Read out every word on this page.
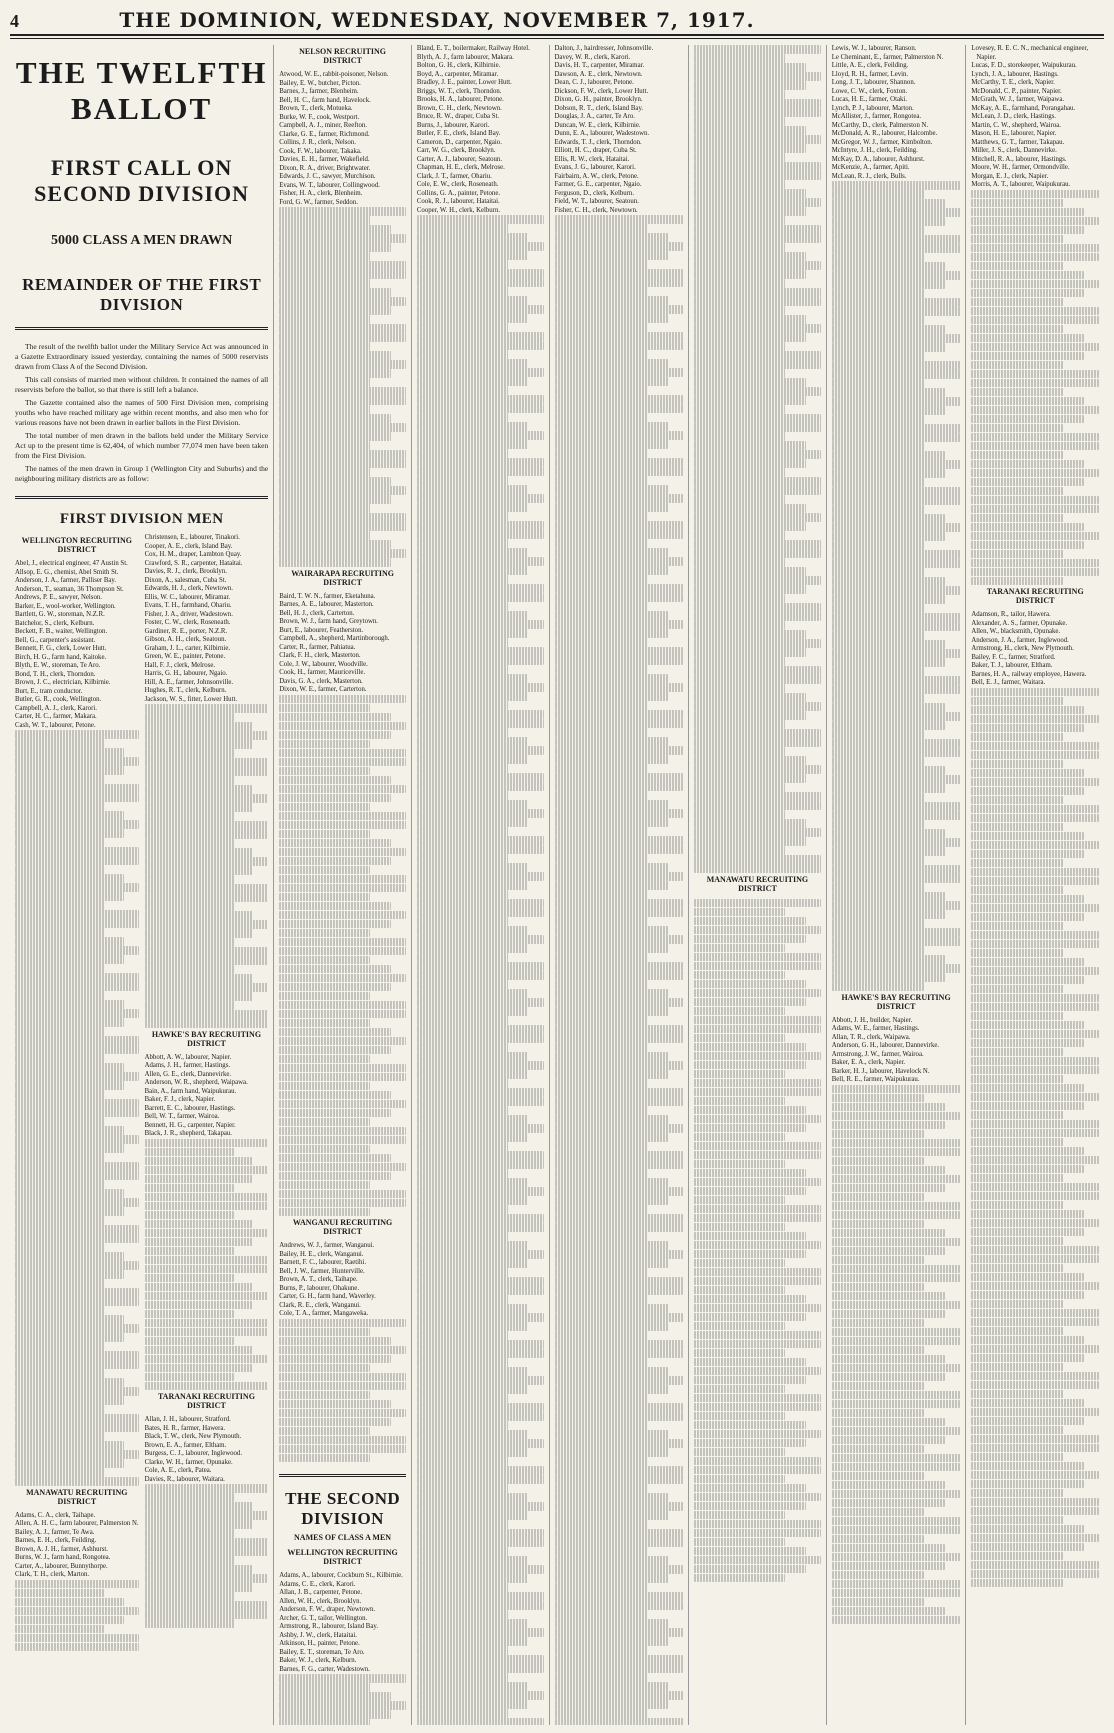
4	THE DOMINION, WEDNESDAY, NOVEMBER 7, 1917.
THE TWELFTH BALLOT
FIRST CALL ON SECOND DIVISION
5000 CLASS A MEN DRAWN
REMAINDER OF THE FIRST DIVISION

The result of the twelfth ballot under the Military Service Act was announced in a Gazette Extraordinary issued yesterday, containing the names of 5000 reservists drawn from Class A of the Second Division.

This call consists of married men without children. It contained the names of all reservists before the ballot, so that there is still left a balance.

The Gazette contained also the names of 500 First Division men, comprising youths who have reached military age within recent months, and also men who for various reasons have not been drawn in earlier ballots in the First Division.

The total number of men drawn in the ballots held under the Military Service Act up to the present time is 62,404, of which number 77,074 men have been taken from the First Division.

The names of the men drawn in Group 1 (Wellington City and Suburbs) and the neighbouring military districts are as follow:

FIRST DIVISION MEN
WELLINGTON RECRUITING DISTRICT

Abel, J., electrical engineer, 47 Austin St.

Allsop, E. G., chemist, Abel Smith St.

Anderson, J. A., farmer, Palliser Bay.

Anderson, T., seaman, 36 Thompson St.

Andrews, P. E., sawyer, Nelson.

Barker, E., wool-worker, Wellington.

Bartlett, G. W., storeman, N.Z.R.

Batchelor, S., clerk, Kelburn.

Beckett, F. B., waiter, Wellington.

Bell, G., carpenter's assistant.

Bennett, F. G., clerk, Lower Hutt.

Birch, H. G., farm hand, Kaitoke.

Blyth, E. W., storeman, Te Aro.

Bond, T. H., clerk, Thorndon.

Brown, J. C., electrician, Kilbirnie.

Burt, E., tram conductor.

Butler, G. R., cook, Wellington.

Campbell, A. J., clerk, Karori.

Carter, H. C., farmer, Makara.

Cash, W. T., labourer, Petone.

MANAWATU RECRUITING DISTRICT

Adams, C. A., clerk, Taihape.

Allen, A. H. C., farm labourer, Palmerston N.

Bailey, A. J., farmer, Te Awa.

Barnes, E. H., clerk, Feilding.

Brown, A. J. H., farmer, Ashhurst.

Burns, W. J., farm hand, Rongotea.

Carter, A., labourer, Bunnythorpe.

Clark, T. H., clerk, Marton.

Christensen, E., labourer, Tinakori.

Cooper, A. E., clerk, Island Bay.

Cox, H. M., draper, Lambton Quay.

Crawford, S. R., carpenter, Hataitai.

Davies, R. J., clerk, Brooklyn.

Dixon, A., salesman, Cuba St.

Edwards, H. J., clerk, Newtown.

Ellis, W. C., labourer, Miramar.

Evans, T. H., farmhand, Ohariu.

Fisher, J. A., driver, Wadestown.

Foster, C. W., clerk, Roseneath.

Gardiner, R. E., porter, N.Z.R.

Gibson, A. H., clerk, Seatoun.

Graham, J. L., carter, Kilbirnie.

Green, W. E., painter, Petone.

Hall, F. J., clerk, Melrose.

Harris, G. H., labourer, Ngaio.

Hill, A. E., farmer, Johnsonville.

Hughes, R. T., clerk, Kelburn.

Jackson, W. S., fitter, Lower Hutt.

HAWKE'S BAY RECRUITING DISTRICT

Abbott, A. W., labourer, Napier.

Adams, J. H., farmer, Hastings.

Allen, G. E., clerk, Dannevirke.

Anderson, W. R., shepherd, Waipawa.

Bain, A., farm hand, Waipukurau.

Baker, F. J., clerk, Napier.

Barrett, E. C., labourer, Hastings.

Bell, W. T., farmer, Wairoa.

Bennett, H. G., carpenter, Napier.

Black, J. R., shepherd, Takapau.

TARANAKI RECRUITING DISTRICT

Allan, J. H., labourer, Stratford.

Bates, H. R., farmer, Hawera.

Black, T. W., clerk, New Plymouth.

Brown, E. A., farmer, Eltham.

Burgess, C. J., labourer, Inglewood.

Clarke, W. H., farmer, Opunake.

Cole, A. E., clerk, Patea.

Davies, R., labourer, Waitara.

NELSON RECRUITING DISTRICT

Atwood, W. E., rabbit-poisoner, Nelson.

Bailey, E. W., butcher, Picton.

Barnes, J., farmer, Blenheim.

Bell, H. C., farm hand, Havelock.

Brown, T., clerk, Motueka.

Burke, W. F., cook, Westport.

Campbell, A. J., miner, Reefton.

Clarke, G. E., farmer, Richmond.

Collins, J. R., clerk, Nelson.

Cook, F. W., labourer, Takaka.

Davies, E. H., farmer, Wakefield.

Dixon, R. A., driver, Brightwater.

Edwards, J. C., sawyer, Murchison.

Evans, W. T., labourer, Collingwood.

Fisher, H. A., clerk, Blenheim.

Ford, G. W., farmer, Seddon.

WAIRARAPA RECRUITING DISTRICT

Baird, T. W. N., farmer, Eketahuna.

Barnes, A. E., labourer, Masterton.

Bell, H. J., clerk, Carterton.

Brown, W. J., farm hand, Greytown.

Burt, E., labourer, Featherston.

Campbell, A., shepherd, Martinborough.

Carter, R., farmer, Pahiatua.

Clark, F. H., clerk, Masterton.

Cole, J. W., labourer, Woodville.

Cook, H., farmer, Mauriceville.

Davis, G. A., clerk, Masterton.

Dixon, W. E., farmer, Carterton.

WANGANUI RECRUITING DISTRICT

Andrews, W. J., farmer, Wanganui.

Bailey, H. E., clerk, Wanganui.

Barnett, F. C., labourer, Raetihi.

Bell, J. W., farmer, Hunterville.

Brown, A. T., clerk, Taihape.

Burns, P., labourer, Ohakune.

Carter, G. H., farm hand, Waverley.

Clark, R. E., clerk, Wanganui.

Cole, T. A., farmer, Mangaweka.

THE SECOND DIVISION
NAMES OF CLASS A MEN
WELLINGTON RECRUITING DISTRICT

Adams, A., labourer, Cockburn St., Kilbirnie.

Adams, C. E., clerk, Karori.

Allan, J. B., carpenter, Petone.

Allen, W. H., clerk, Brooklyn.

Anderson, F. W., draper, Newtown.

Archer, G. T., tailor, Wellington.

Armstrong, R., labourer, Island Bay.

Ashby, J. W., clerk, Hataitai.

Atkinson, H., painter, Petone.

Bailey, E. T., storeman, Te Aro.

Baker, W. J., clerk, Kelburn.

Barnes, F. G., carter, Wadestown.

Bland, E. T., boilermaker, Railway Hotel.

Blyth, A. J., farm labourer, Makara.

Bolton, G. H., clerk, Kilbirnie.

Boyd, A., carpenter, Miramar.

Bradley, J. E., painter, Lower Hutt.

Briggs, W. T., clerk, Thorndon.

Brooks, H. A., labourer, Petone.

Brown, C. H., clerk, Newtown.

Bruce, R. W., draper, Cuba St.

Burns, J., labourer, Karori.

Butler, F. E., clerk, Island Bay.

Cameron, D., carpenter, Ngaio.

Carr, W. G., clerk, Brooklyn.

Carter, A. J., labourer, Seatoun.

Chapman, H. E., clerk, Melrose.

Clark, J. T., farmer, Ohariu.

Cole, E. W., clerk, Roseneath.

Collins, G. A., painter, Petone.

Cook, R. J., labourer, Hataitai.

Cooper, W. H., clerk, Kelburn.

Dalton, J., hairdresser, Johnsonville.

Davey, W. R., clerk, Karori.

Davis, H. T., carpenter, Miramar.

Dawson, A. E., clerk, Newtown.

Dean, C. J., labourer, Petone.

Dickson, F. W., clerk, Lower Hutt.

Dixon, G. H., painter, Brooklyn.

Dobson, R. T., clerk, Island Bay.

Douglas, J. A., carter, Te Aro.

Duncan, W. E., clerk, Kilbirnie.

Dunn, E. A., labourer, Wadestown.

Edwards, T. J., clerk, Thorndon.

Elliott, H. C., draper, Cuba St.

Ellis, R. W., clerk, Hataitai.

Evans, J. G., labourer, Karori.

Fairbairn, A. W., clerk, Petone.

Farmer, G. E., carpenter, Ngaio.

Ferguson, D., clerk, Kelburn.

Field, W. T., labourer, Seatoun.

Fisher, C. H., clerk, Newtown.

MANAWATU RECRUITING DISTRICT

Lewis, W. J., labourer, Ranson.

Le Cheminant, E., farmer, Palmerston N.

Little, A. E., clerk, Feilding.

Lloyd, R. H., farmer, Levin.

Long, J. T., labourer, Shannon.

Lowe, C. W., clerk, Foxton.

Lucas, H. E., farmer, Otaki.

Lynch, P. J., labourer, Marton.

McAllister, J., farmer, Rongotea.

McCarthy, D., clerk, Palmerston N.

McDonald, A. R., labourer, Halcombe.

McGregor, W. J., farmer, Kimbolton.

McIntyre, J. H., clerk, Feilding.

McKay, D. A., labourer, Ashhurst.

McKenzie, A., farmer, Apiti.

McLean, R. J., clerk, Bulls.

HAWKE'S BAY RECRUITING DISTRICT

Abbott, J. H., builder, Napier.

Adams, W. E., farmer, Hastings.

Allan, T. R., clerk, Waipawa.

Anderson, G. H., labourer, Dannevirke.

Armstrong, J. W., farmer, Wairoa.

Baker, E. A., clerk, Napier.

Barker, H. J., labourer, Havelock N.

Bell, R. E., farmer, Waipukurau.

Lovesey, R. E. C. N., mechanical engineer, Napier.

Lucas, F. D., storekeeper, Waipukurau.

Lynch, J. A., labourer, Hastings.

McCarthy, T. E., clerk, Napier.

McDonald, C. P., painter, Napier.

McGrath, W. J., farmer, Waipawa.

McKay, A. E., farmhand, Porangahau.

McLean, J. D., clerk, Hastings.

Martin, C. W., shepherd, Wairoa.

Mason, H. E., labourer, Napier.

Matthews, G. T., farmer, Takapau.

Miller, J. S., clerk, Dannevirke.

Mitchell, R. A., labourer, Hastings.

Moore, W. H., farmer, Ormondville.

Morgan, E. J., clerk, Napier.

Morris, A. T., labourer, Waipukurau.

TARANAKI RECRUITING DISTRICT

Adamson, R., tailor, Hawera.

Alexander, A. S., farmer, Opunake.

Allen, W., blacksmith, Opunake.

Anderson, J. A., farmer, Inglewood.

Armstrong, H., clerk, New Plymouth.

Bailey, F. C., farmer, Stratford.

Baker, T. J., labourer, Eltham.

Barnes, H. A., railway employee, Hawera.

Bell, E. J., farmer, Waitara.
